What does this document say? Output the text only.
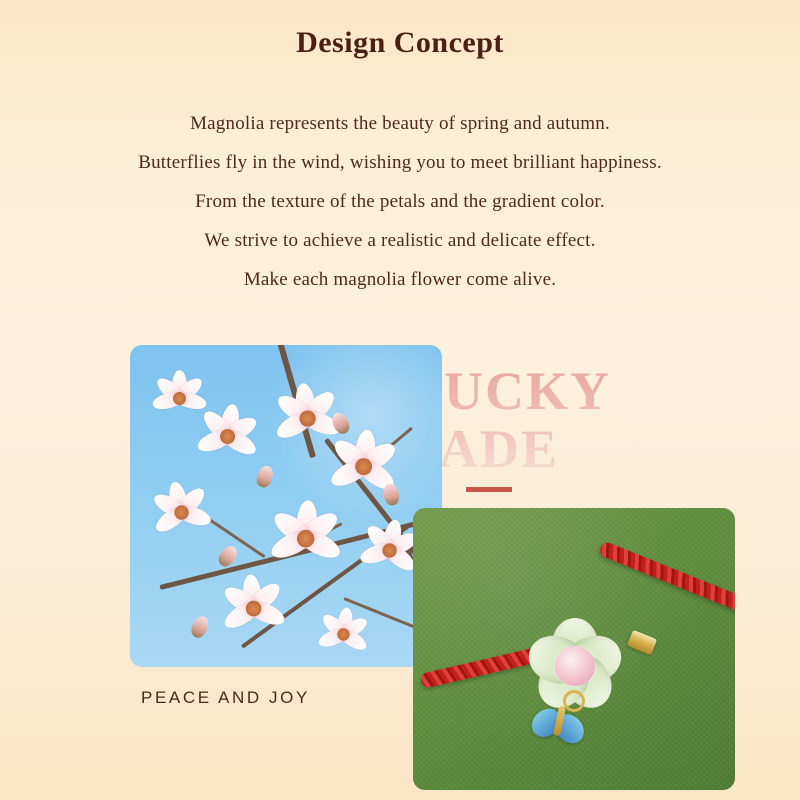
Design Concept
Magnolia represents the beauty of spring and autumn.
Butterflies fly in the wind, wishing you to meet brilliant happiness.
From the texture of the petals and the gradient color.
We strive to achieve a realistic and delicate effect.
Make each magnolia flower come alive.
LUCKY
JADE
PEACE AND JOY
